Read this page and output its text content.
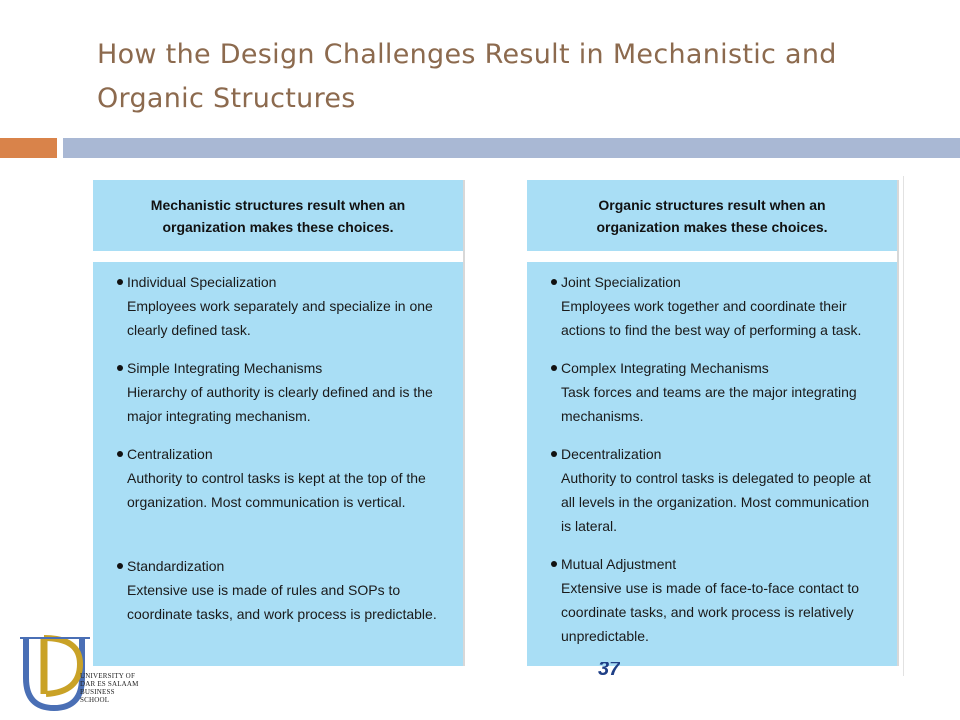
How the Design Challenges Result in Mechanistic and Organic Structures
Mechanistic structures result when an organization makes these choices.
Individual Specialization
Employees work separately and specialize in one clearly defined task.
Simple Integrating Mechanisms
Hierarchy of authority is clearly defined and is the major integrating mechanism.
Centralization
Authority to control tasks is kept at the top of the organization. Most communication is vertical.
Standardization
Extensive use is made of rules and SOPs to coordinate tasks, and work process is predictable.
Organic structures result when an organization makes these choices.
Joint Specialization
Employees work together and coordinate their actions to find the best way of performing a task.
Complex Integrating Mechanisms
Task forces and teams are the major integrating mechanisms.
Decentralization
Authority to control tasks is delegated to people at all levels in the organization. Most communication is lateral.
Mutual Adjustment
Extensive use is made of face-to-face contact to coordinate tasks, and work process is relatively unpredictable.
UNIVERSITY OF
DAR ES SALAAM
BUSINESS SCHOOL
37
